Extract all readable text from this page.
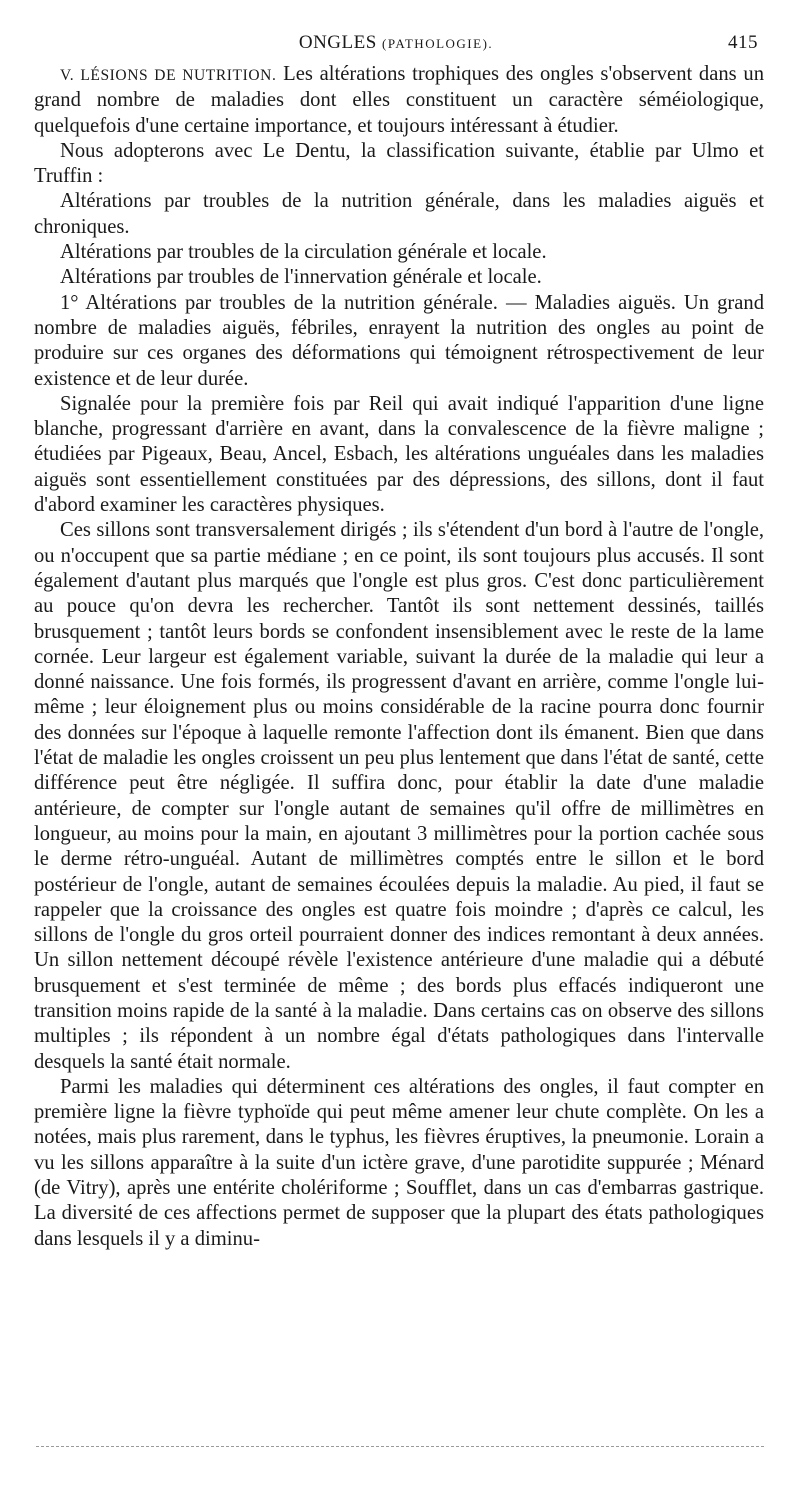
ONGLES (PATHOLOGIE).	415

V. LÉSIONS DE NUTRITION. Les altérations trophiques des ongles s'observent dans un grand nombre de maladies dont elles constituent un caractère séméiologique, quelquefois d'une certaine importance, et toujours intéressant à étudier.

Nous adopterons avec Le Dentu, la classification suivante, établie par Ulmo et Truffin :

Altérations par troubles de la nutrition générale, dans les maladies aiguës et chroniques.

Altérations par troubles de la circulation générale et locale.

Altérations par troubles de l'innervation générale et locale.

1° Altérations par troubles de la nutrition générale. — Maladies aiguës. Un grand nombre de maladies aiguës, fébriles, enrayent la nutrition des ongles au point de produire sur ces organes des déformations qui témoignent rétrospectivement de leur existence et de leur durée.

Signalée pour la première fois par Reil qui avait indiqué l'apparition d'une ligne blanche, progressant d'arrière en avant, dans la convalescence de la fièvre maligne ; étudiées par Pigeaux, Beau, Ancel, Esbach, les altérations unguéales dans les maladies aiguës sont essentiellement constituées par des dépressions, des sillons, dont il faut d'abord examiner les caractères physiques.

Ces sillons sont transversalement dirigés ; ils s'étendent d'un bord à l'autre de l'ongle, ou n'occupent que sa partie médiane ; en ce point, ils sont toujours plus accusés. Il sont également d'autant plus marqués que l'ongle est plus gros. C'est donc particulièrement au pouce qu'on devra les rechercher. Tantôt ils sont nettement dessinés, taillés brusquement ; tantôt leurs bords se confondent insensiblement avec le reste de la lame cornée. Leur largeur est également variable, suivant la durée de la maladie qui leur a donné naissance. Une fois formés, ils progressent d'avant en arrière, comme l'ongle lui-même ; leur éloignement plus ou moins considérable de la racine pourra donc fournir des données sur l'époque à laquelle remonte l'affection dont ils émanent. Bien que dans l'état de maladie les ongles croissent un peu plus lentement que dans l'état de santé, cette différence peut être négligée. Il suffira donc, pour établir la date d'une maladie antérieure, de compter sur l'ongle autant de semaines qu'il offre de millimètres en longueur, au moins pour la main, en ajoutant 3 millimètres pour la portion cachée sous le derme rétro-unguéal. Autant de millimètres comptés entre le sillon et le bord postérieur de l'ongle, autant de semaines écoulées depuis la maladie. Au pied, il faut se rappeler que la croissance des ongles est quatre fois moindre ; d'après ce calcul, les sillons de l'ongle du gros orteil pourraient donner des indices remontant à deux années. Un sillon nettement découpé révèle l'existence antérieure d'une maladie qui a débuté brusquement et s'est terminée de même ; des bords plus effacés indiqueront une transition moins rapide de la santé à la maladie. Dans certains cas on observe des sillons multiples ; ils répondent à un nombre égal d'états pathologiques dans l'intervalle desquels la santé était normale.

Parmi les maladies qui déterminent ces altérations des ongles, il faut compter en première ligne la fièvre typhoïde qui peut même amener leur chute complète. On les a notées, mais plus rarement, dans le typhus, les fièvres éruptives, la pneumonie. Lorain a vu les sillons apparaître à la suite d'un ictère grave, d'une parotidite suppurée ; Ménard (de Vitry), après une entérite cholériforme ; Soufflet, dans un cas d'embarras gastrique. La diversité de ces affections permet de supposer que la plupart des états pathologiques dans lesquels il y a diminu-
